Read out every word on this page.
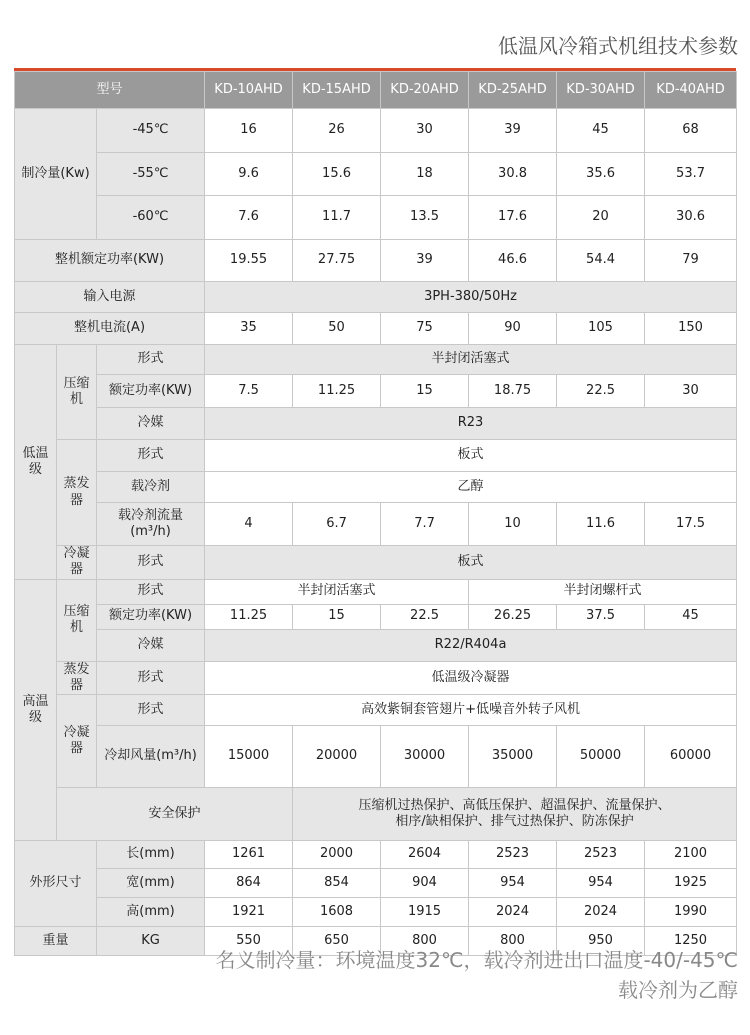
低温风冷箱式机组技术参数
型号			KD-10AHD	KD-15AHD	KD-20AHD	KD-25AHD	KD-30AHD	KD-40AHD
制冷量(Kw)		-45℃	16	26	30	39	45	68
		-55℃	9.6	15.6	18	30.8	35.6	53.7
		-60℃	7.6	11.7	13.5	17.6	20	30.6
整机额定功率(KW)			19.55	27.75	39	46.6	54.4	79
输入电源			3PH-380/50Hz					
整机电流(A)			35	50	75	90	105	150
低温级	压缩机	形式	半封闭活塞式					
		额定功率(KW)	7.5	11.25	15	18.75	22.5	30
		冷媒	R23					
	蒸发器	形式	板式					
		载冷剂	乙醇					
		载冷剂流量(m³/h)	4	6.7	7.7	10	11.6	17.5
	冷凝器	形式	板式					
高温级	压缩机	形式	半封闭活塞式			半封闭螺杆式		
		额定功率(KW)	11.25	15	22.5	26.25	37.5	45
		冷媒	R22/R404a					
	蒸发器	形式	低温级冷凝器					
	冷凝器	形式	高效紫铜套管翅片+低噪音外转子风机					
		冷却风量(m³/h)	15000	20000	30000	35000	50000	60000
	安全保护			压缩机过热保护、高低压保护、超温保护、流量保护、
相序/缺相保护、排气过热保护、防冻保护				

外形尺寸		长(mm)	1261	2000	2604	2523	2523	2100
		宽(mm)	864	854	904	954	954	1925
		高(mm)	1921	1608	1915	2024	2024	1990
重量		KG	550	650	800	800	950	1250
名义制冷量：环境温度32℃，载冷剂进出口温度-40/-45℃
载冷剂为乙醇
